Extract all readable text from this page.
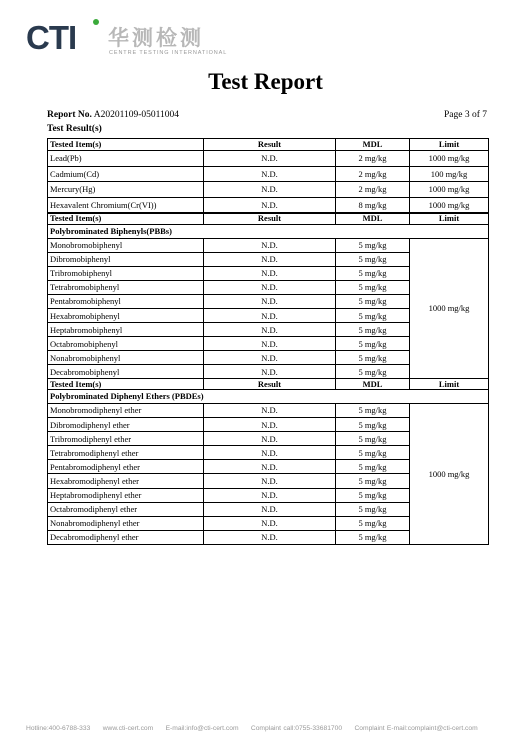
CTI 华测检测
CENTRE TESTING INTERNATIONAL
Test Report
Report No. A20201109-05011004	Page 3 of 7
Test Result(s)
Tested Item(s)	Result	MDL	Limit
Lead(Pb)	N.D.	2 mg/kg	1000 mg/kg
Cadmium(Cd)	N.D.	2 mg/kg	100 mg/kg
Mercury(Hg)	N.D.	2 mg/kg	1000 mg/kg
Hexavalent Chromium(Cr(VI))	N.D.	8 mg/kg	1000 mg/kg
Tested Item(s)	Result	MDL	Limit
Polybrominated Biphenyls(PBBs)			
Monobromobiphenyl	N.D.	5 mg/kg	1000 mg/kg
Dibromobiphenyl	N.D.	5 mg/kg	
Tribromobiphenyl	N.D.	5 mg/kg	
Tetrabromobiphenyl	N.D.	5 mg/kg	
Pentabromobiphenyl	N.D.	5 mg/kg	
Hexabromobiphenyl	N.D.	5 mg/kg	
Heptabromobiphenyl	N.D.	5 mg/kg	
Octabromobiphenyl	N.D.	5 mg/kg	
Nonabromobiphenyl	N.D.	5 mg/kg	
Decabromobiphenyl	N.D.	5 mg/kg	
Tested Item(s)	Result	MDL	Limit
Polybrominated Diphenyl Ethers (PBDEs)			
Monobromodiphenyl ether	N.D.	5 mg/kg	1000 mg/kg
Dibromodiphenyl ether	N.D.	5 mg/kg	
Tribromodiphenyl ether	N.D.	5 mg/kg	
Tetrabromodiphenyl ether	N.D.	5 mg/kg	
Pentabromodiphenyl ether	N.D.	5 mg/kg	
Hexabromodiphenyl ether	N.D.	5 mg/kg	
Heptabromodiphenyl ether	N.D.	5 mg/kg	
Octabromodiphenyl ether	N.D.	5 mg/kg	
Nonabromodiphenyl ether	N.D.	5 mg/kg	
Decabromodiphenyl ether	N.D.	5 mg/kg	
Hotline:400-6788-333 www.cti-cert.com E-mail:info@cti-cert.com Complaint call:0755-33681700 Complaint E-mail:complaint@cti-cert.com
